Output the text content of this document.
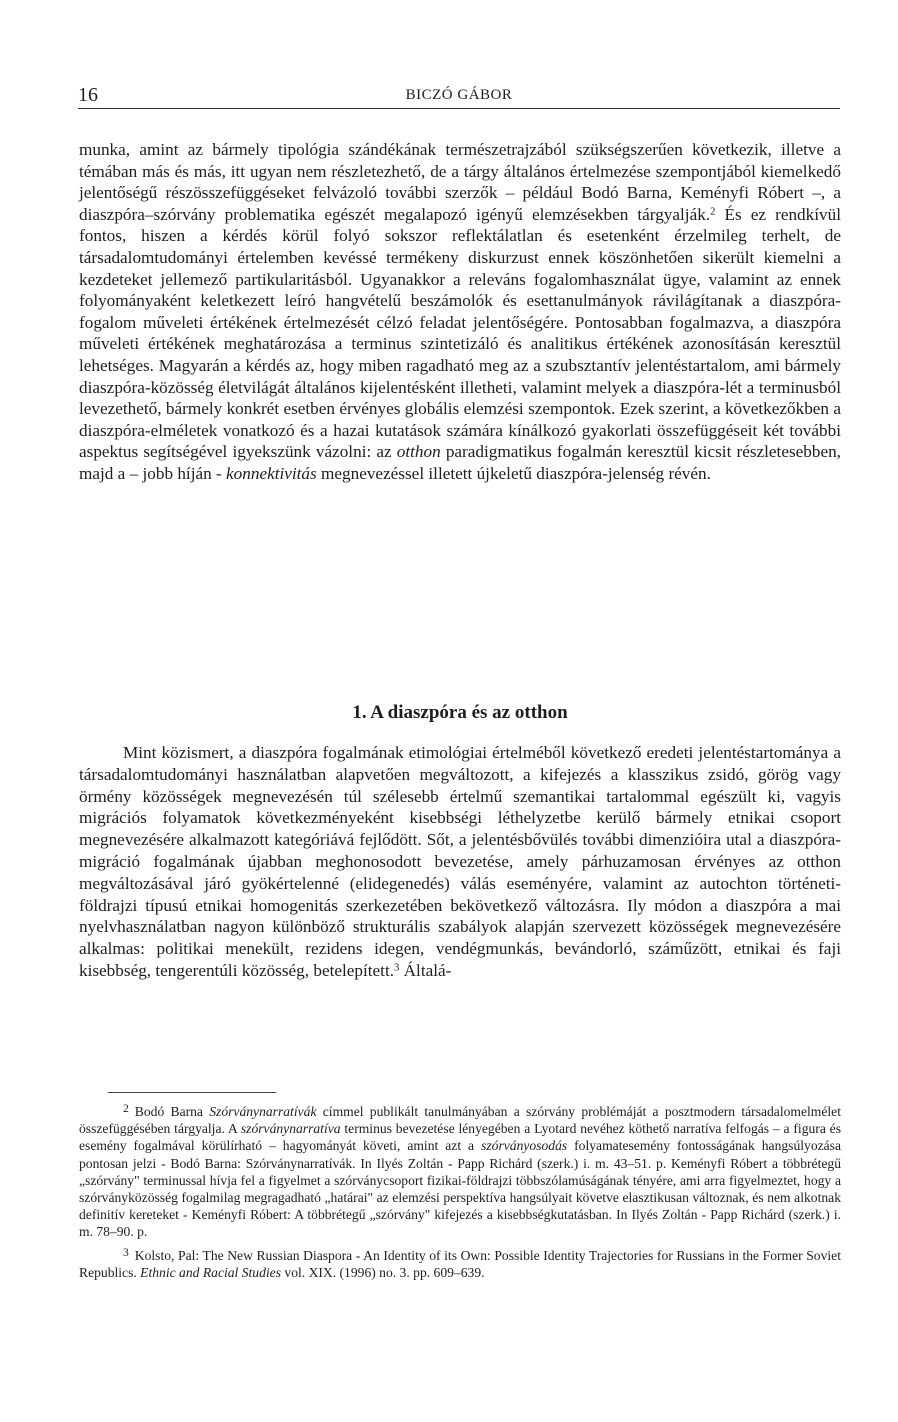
16	BICZÓ GÁBOR

munka, amint az bármely tipológia szándékának természetrajzából szükségszerűen következik, illetve a témában más és más, itt ugyan nem részletezhető, de a tárgy általános értelmezése szempontjából kiemelkedő jelentőségű részösszefüggéseket felvázoló további szerzők – például Bodó Barna, Keményfi Róbert –, a diaszpóra–szórvány problematika egészét megalapozó igényű elemzésekben tárgyalják.$^2$ És ez rendkívül fontos, hiszen a kérdés körül folyó sokszor reflektálatlan és esetenként érzelmileg terhelt, de társadalomtudományi értelemben kevéssé termékeny diskurzust ennek köszönhetően sikerült kiemelni a kezdeteket jellemező partikularitásból. Ugyanakkor a releváns fogalomhasználat ügye, valamint az ennek folyományaként keletkezett leíró hangvételű beszámolók és esettanulmányok rávilágítanak a diaszpóra-fogalom műveleti értékének értelmezését célzó feladat jelentőségére. Pontosabban fogalmazva, a diaszpóra műveleti értékének meghatározása a terminus szintetizáló és analitikus értékének azonosításán keresztül lehetséges. Magyarán a kérdés az, hogy miben ragadható meg az a szubsztantív jelentéstartalom, ami bármely diaszpóra-közösség életvilágát általános kijelentésként illetheti, valamint melyek a diaszpóra-lét a terminusból levezethető, bármely konkrét esetben érvényes globális elemzési szempontok. Ezek szerint, a következőkben a diaszpóra-elméletek vonatkozó és a hazai kutatások számára kínálkozó gyakorlati összefüggéseit két további aspektus segítségével igyekszünk vázolni: az otthon paradigmatikus fogalmán keresztül kicsit részletesebben, majd a – jobb híján - konnektivitás megnevezéssel illetett újkeletű diaszpóra-jelenség révén.

1. A diaszpóra és az otthon

Mint közismert, a diaszpóra fogalmának etimológiai értelméből következő eredeti jelentéstartománya a társadalomtudományi használatban alapvetően megváltozott, a kifejezés a klasszikus zsidó, görög vagy örmény közösségek megnevezésén túl szélesebb értelmű szemantikai tartalommal egészült ki, vagyis migrációs folyamatok következményeként kisebbségi léthelyzetbe kerülő bármely etnikai csoport megnevezésére alkalmazott kategóriává fejlődött. Sőt, a jelentésbővülés további dimenzióira utal a diaszpóra-migráció fogalmának újabban meghonosodott bevezetése, amely párhuzamosan érvényes az otthon megváltozásával járó gyökértelenné (elidegenedés) válás eseményére, valamint az autochton történeti-földrajzi típusú etnikai homogenitás szerkezetében bekövetkező változásra. Ily módon a diaszpóra a mai nyelvhasználatban nagyon különböző strukturális szabályok alapján szervezett közösségek megnevezésére alkalmas: politikai menekült, rezidens idegen, vendégmunkás, bevándorló, száműzött, etnikai és faji kisebbség, tengerentúli közösség, betelepített.$^3$ Általá-

2 Bodó Barna Szórványnarratívák címmel publikált tanulmányában a szórvány problémáját a posztmodern társadalomelmélet összefüggésében tárgyalja. A szórványnarratíva terminus bevezetése lényegében a Lyotard nevéhez köthető narratíva felfogás – a figura és esemény fogalmával körülírható – hagyományát követi, amint azt a szórványosodás folyamatesemény fontosságának hangsúlyozása pontosan jelzi - Bodó Barna: Szórványnarratívák. In Ilyés Zoltán - Papp Richárd (szerk.) i. m. 43–51. p. Keményfi Róbert a többrétegű „szórvány" terminussal hívja fel a figyelmet a szórványcsoport fizikai-földrajzi többszólamúságának tényére, ami arra figyelmeztet, hogy a szórványközösség fogalmilag megragadható „határai" az elemzési perspektíva hangsúlyait követve elasztikusan változnak, és nem alkotnak definitív kereteket - Keményfi Róbert: A többrétegű „szórvány" kifejezés a kisebbségkutatásban. In Ilyés Zoltán - Papp Richárd (szerk.) i. m. 78–90. p.

3 Kolsto, Pal: The New Russian Diaspora - An Identity of its Own: Possible Identity Trajectories for Russians in the Former Soviet Republics. Ethnic and Racial Studies vol. XIX. (1996) no. 3. pp. 609–639.
